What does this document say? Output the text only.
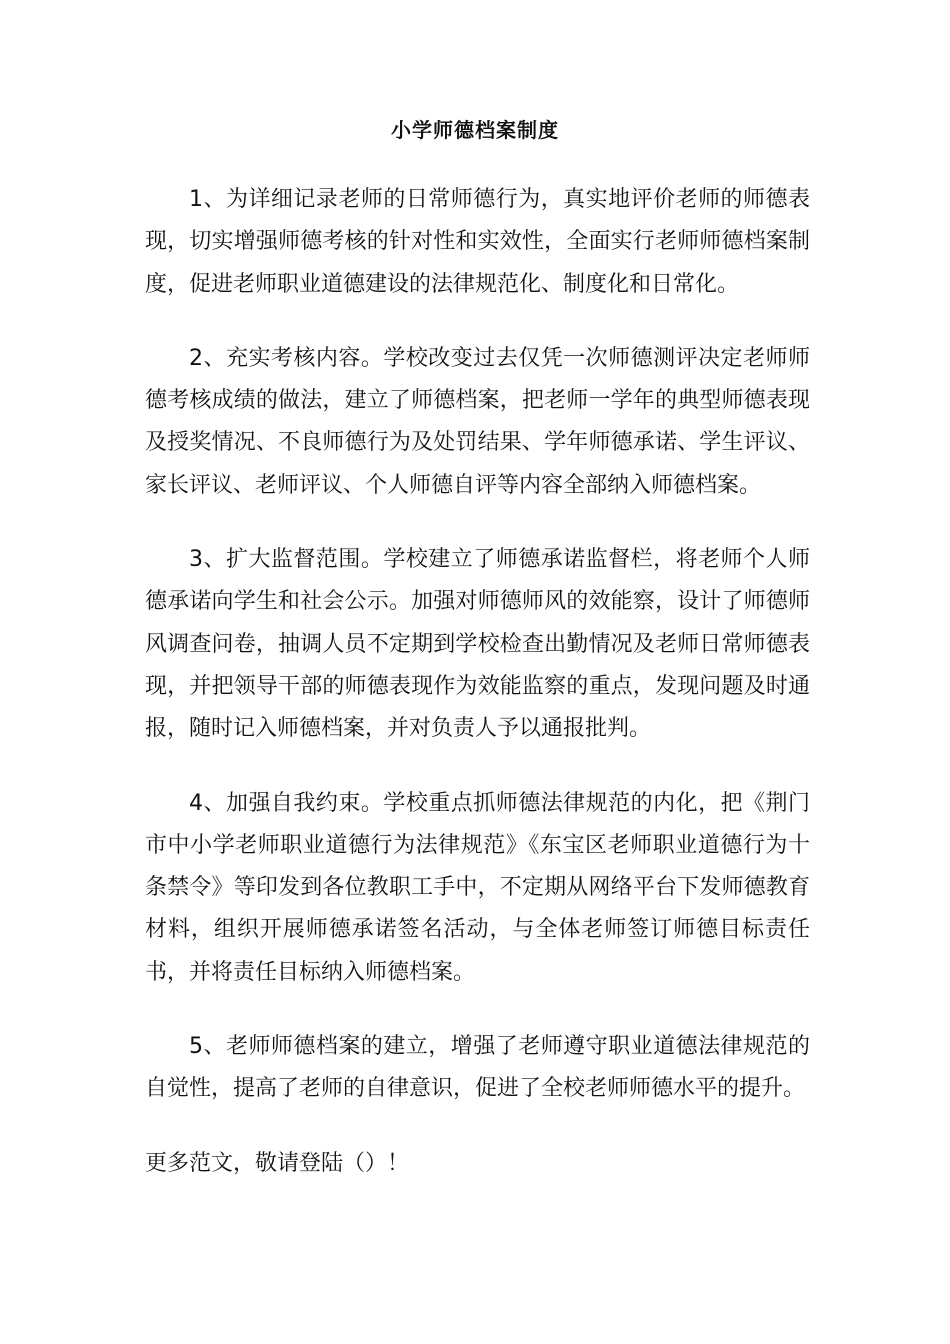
小学师德档案制度

1、为详细记录老师的日常师德行为，真实地评价老师的师德表现，切实增强师德考核的针对性和实效性，全面实行老师师德档案制度，促进老师职业道德建设的法律规范化、制度化和日常化。

2、充实考核内容。学校改变过去仅凭一次师德测评决定老师师德考核成绩的做法，建立了师德档案，把老师一学年的典型师德表现及授奖情况、不良师德行为及处罚结果、学年师德承诺、学生评议、家长评议、老师评议、个人师德自评等内容全部纳入师德档案。

3、扩大监督范围。学校建立了师德承诺监督栏，将老师个人师德承诺向学生和社会公示。加强对师德师风的效能察，设计了师德师风调查问卷，抽调人员不定期到学校检查出勤情况及老师日常师德表现，并把领导干部的师德表现作为效能监察的重点，发现问题及时通报，随时记入师德档案，并对负责人予以通报批判。

4、加强自我约束。学校重点抓师德法律规范的内化，把《荆门市中小学老师职业道德行为法律规范》《东宝区老师职业道德行为十条禁令》等印发到各位教职工手中，不定期从网络平台下发师德教育材料，组织开展师德承诺签名活动，与全体老师签订师德目标责任书，并将责任目标纳入师德档案。

5、老师师德档案的建立，增强了老师遵守职业道德法律规范的自觉性，提高了老师的自律意识，促进了全校老师师德水平的提升。

更多范文，敬请登陆（）！
